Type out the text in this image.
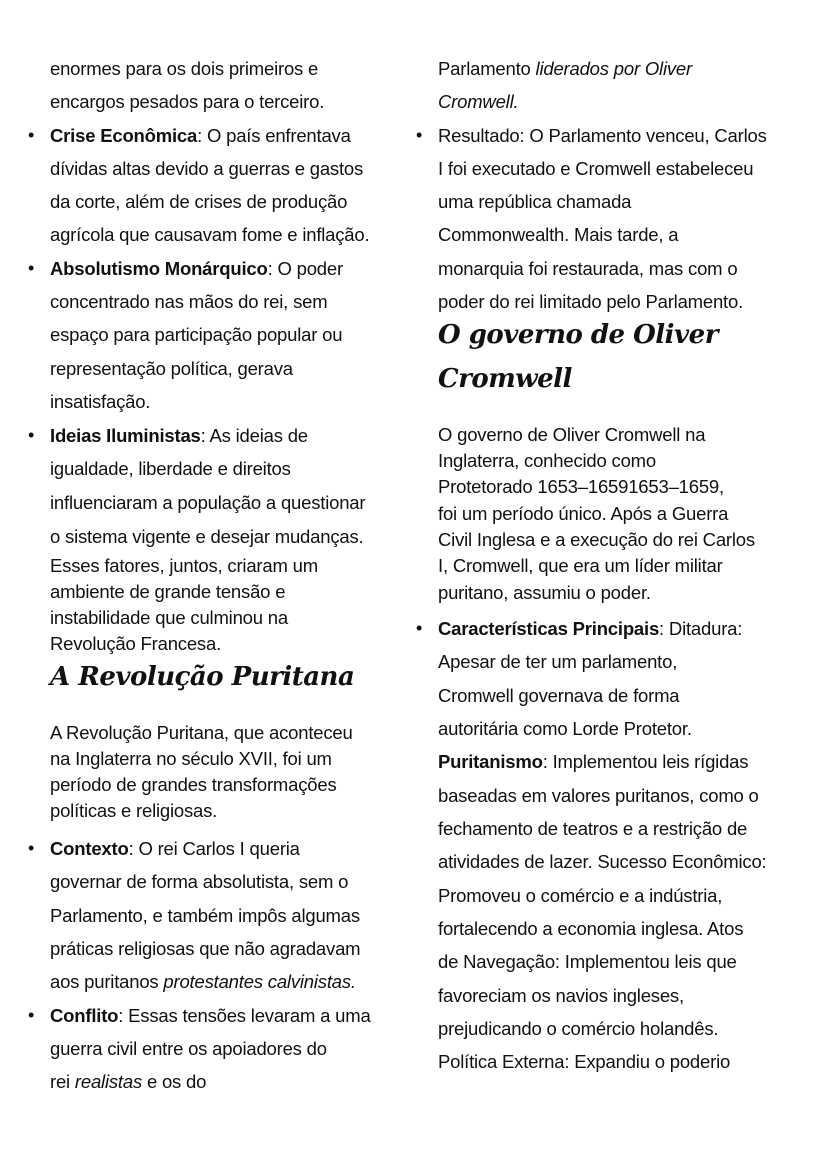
enormes para os dois primeiros e
encargos pesados para o terceiro.
• Crise Econômica: O país enfrentava
dívidas altas devido a guerras e gastos
da corte, além de crises de produção
agrícola que causavam fome e inflação.
• Absolutismo Monárquico: O poder
concentrado nas mãos do rei, sem
espaço para participação popular ou
representação política, gerava
insatisfação.
• Ideias Iluministas: As ideias de
igualdade, liberdade e direitos
influenciaram a população a questionar
o sistema vigente e desejar mudanças.
Esses fatores, juntos, criaram um
ambiente de grande tensão e
instabilidade que culminou na
Revolução Francesa.
A Revolução Puritana
A Revolução Puritana, que aconteceu
na Inglaterra no século XVII, foi um
período de grandes transformações
políticas e religiosas.
• Contexto: O rei Carlos I queria
governar de forma absolutista, sem o
Parlamento, e também impôs algumas
práticas religiosas que não agradavam
aos puritanos protestantes calvinistas.
• Conflito: Essas tensões levaram a uma
guerra civil entre os apoiadores do
rei realistas e os do
Parlamento liderados por Oliver
Cromwell.
• Resultado: O Parlamento venceu, Carlos
I foi executado e Cromwell estabeleceu
uma república chamada
Commonwealth. Mais tarde, a
monarquia foi restaurada, mas com o
poder do rei limitado pelo Parlamento.
O governo de Oliver
Cromwell
O governo de Oliver Cromwell na
Inglaterra, conhecido como
Protetorado 1653–16591653–1659,
foi um período único. Após a Guerra
Civil Inglesa e a execução do rei Carlos
I, Cromwell, que era um líder militar
puritano, assumiu o poder.
• Características Principais: Ditadura:
Apesar de ter um parlamento,
Cromwell governava de forma
autoritária como Lorde Protetor.
Puritanismo: Implementou leis rígidas
baseadas em valores puritanos, como o
fechamento de teatros e a restrição de
atividades de lazer. Sucesso Econômico:
Promoveu o comércio e a indústria,
fortalecendo a economia inglesa. Atos
de Navegação: Implementou leis que
favoreciam os navios ingleses,
prejudicando o comércio holandês.
Política Externa: Expandiu o poderio
